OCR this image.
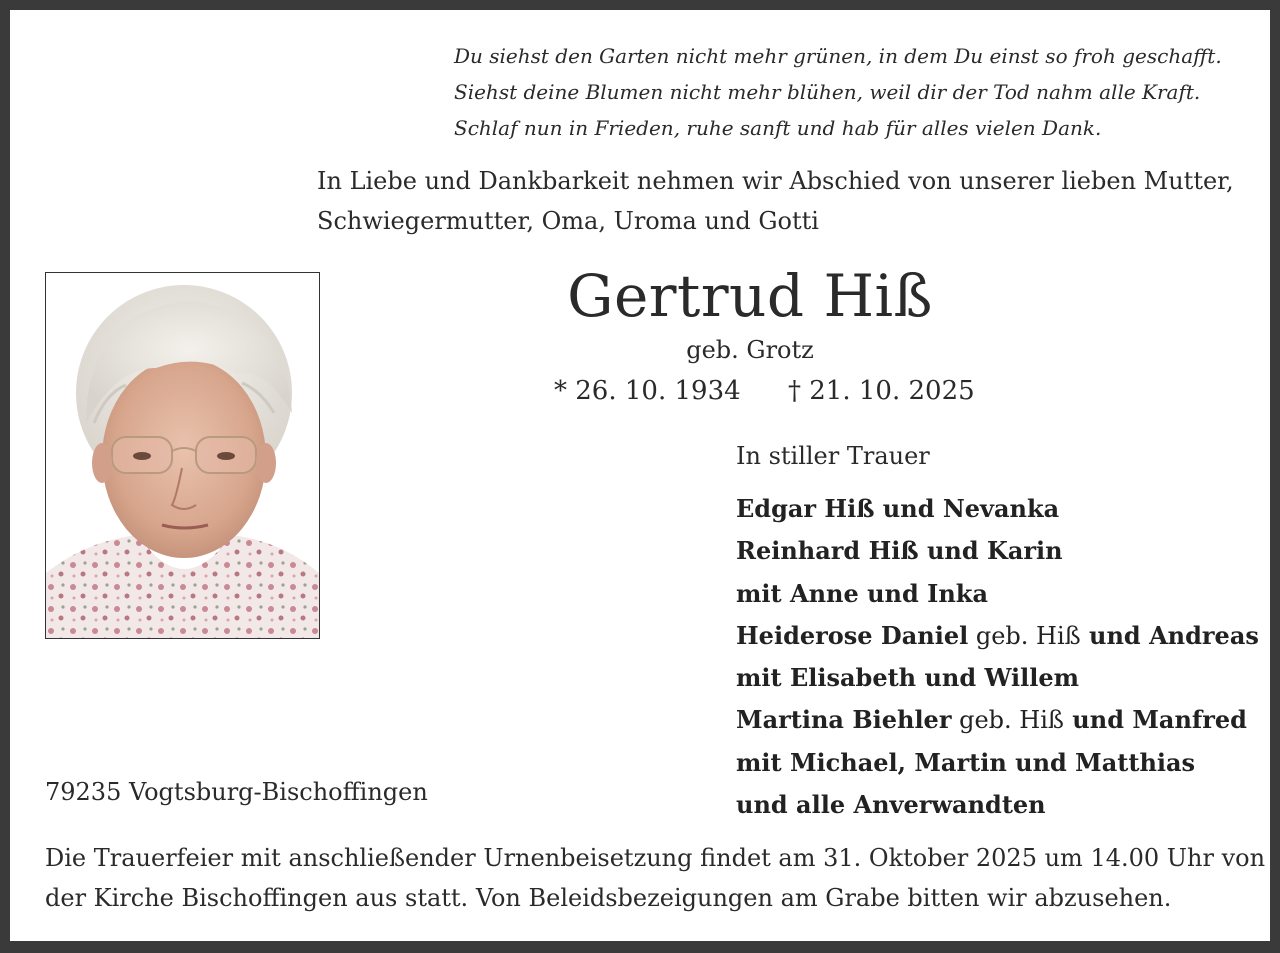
Du siehst den Garten nicht mehr grünen, in dem Du einst so froh geschafft.
Siehst deine Blumen nicht mehr blühen, weil dir der Tod nahm alle Kraft.
Schlaf nun in Frieden, ruhe sanft und hab für alles vielen Dank.
In Liebe und Dankbarkeit nehmen wir Abschied von unserer lieben Mutter,
Schwiegermutter, Oma, Uroma und Gotti
Gertrud Hiß
geb. Grotz
* 26. 10. 1934 † 21. 10. 2025
In stiller Trauer
Edgar Hiß und Nevanka
Reinhard Hiß und Karin
mit Anne und Inka
Heiderose Daniel geb. Hiß und Andreas
mit Elisabeth und Willem
Martina Biehler geb. Hiß und Manfred
mit Michael, Martin und Matthias
und alle Anverwandten
79235 Vogtsburg-Bischoffingen
Die Trauerfeier mit anschließender Urnenbeisetzung findet am 31. Oktober 2025 um 14.00 Uhr von
der Kirche Bischoffingen aus statt. Von Beleidsbezeigungen am Grabe bitten wir abzusehen.
